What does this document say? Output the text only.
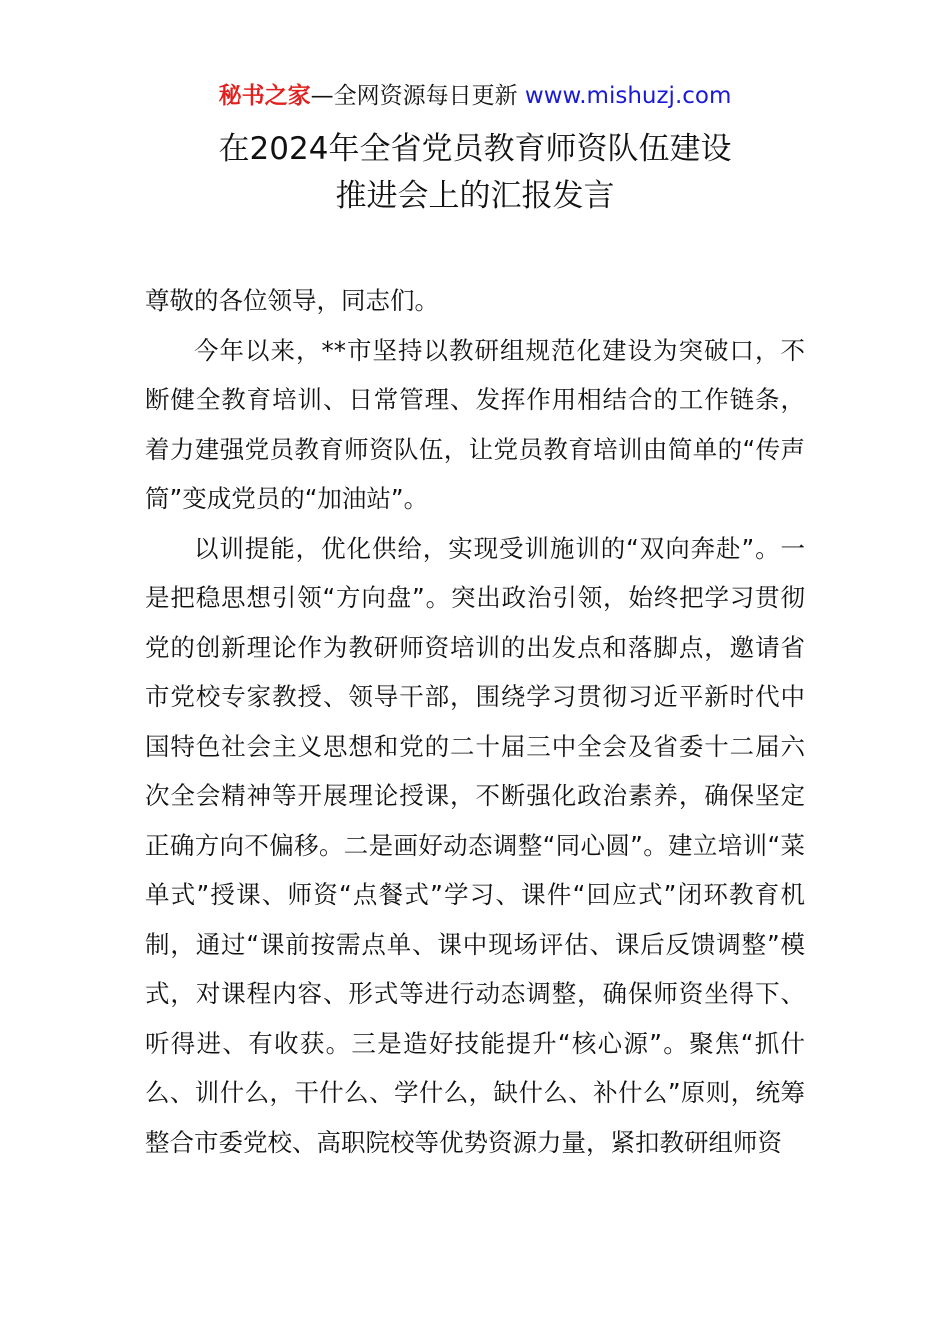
秘书之家—全网资源每日更新 www.mishuzj.com
在2024年全省党员教育师资队伍建设
推进会上的汇报发言

尊敬的各位领导，同志们。

今年以来，**市坚持以教研组规范化建设为突破口，不断健全教育培训、日常管理、发挥作用相结合的工作链条，着力建强党员教育师资队伍，让党员教育培训由简单的“传声筒”变成党员的“加油站”。

以训提能，优化供给，实现受训施训的“双向奔赴”。一是把稳思想引领“方向盘”。突出政治引领，始终把学习贯彻党的创新理论作为教研师资培训的出发点和落脚点，邀请省市党校专家教授、领导干部，围绕学习贯彻习近平新时代中国特色社会主义思想和党的二十届三中全会及省委十二届六次全会精神等开展理论授课，不断强化政治素养，确保坚定正确方向不偏移。二是画好动态调整“同心圆”。建立培训“菜单式”授课、师资“点餐式”学习、课件“回应式”闭环教育机制，通过“课前按需点单、课中现场评估、课后反馈调整”模式，对课程内容、形式等进行动态调整，确保师资坐得下、听得进、有收获。三是造好技能提升“核心源”。聚焦“抓什么、训什么，干什么、学什么，缺什么、补什么”原则，统筹整合市委党校、高职院校等优势资源力量，紧扣教研组师资
